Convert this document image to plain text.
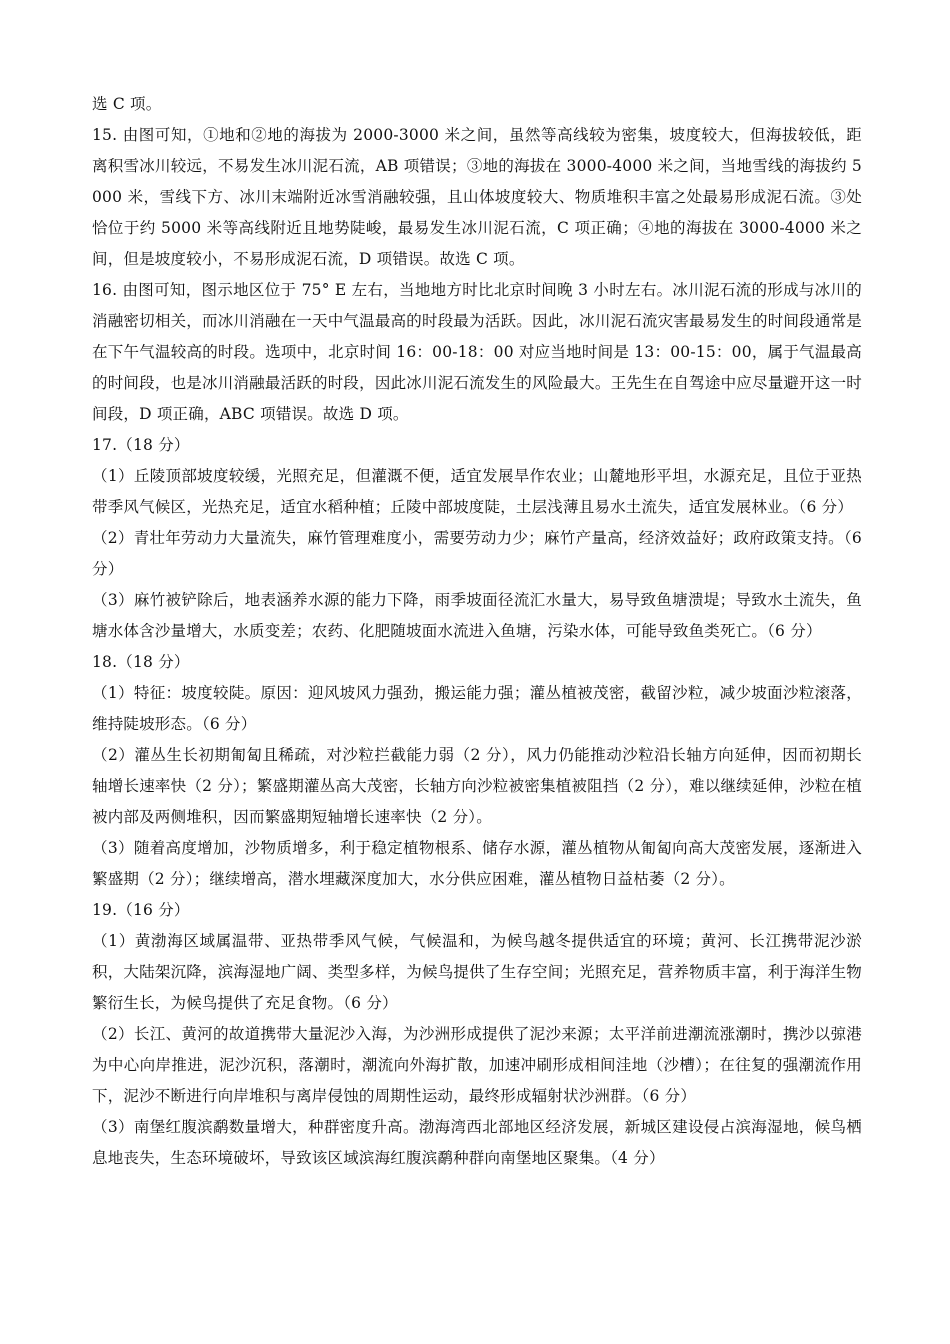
选 C 项。

15. 由图可知，①地和②地的海拔为 2000-3000 米之间，虽然等高线较为密集，坡度较大，但海拔较低，距离积雪冰川较远，不易发生冰川泥石流，AB 项错误；③地的海拔在 3000-4000 米之间，当地雪线的海拔约 5000 米，雪线下方、冰川末端附近冰雪消融较强，且山体坡度较大、物质堆积丰富之处最易形成泥石流。③处恰位于约 5000 米等高线附近且地势陡峻，最易发生冰川泥石流，C 项正确；④地的海拔在 3000-4000 米之间，但是坡度较小，不易形成泥石流，D 项错误。故选 C 项。

16. 由图可知，图示地区位于 75° E 左右，当地地方时比北京时间晚 3 小时左右。冰川泥石流的形成与冰川的消融密切相关，而冰川消融在一天中气温最高的时段最为活跃。因此，冰川泥石流灾害最易发生的时间段通常是在下午气温较高的时段。选项中，北京时间 16：00-18：00 对应当地时间是 13：00-15：00，属于气温最高的时间段，也是冰川消融最活跃的时段，因此冰川泥石流发生的风险最大。王先生在自驾途中应尽量避开这一时间段，D 项正确，ABC 项错误。故选 D 项。

17.（18 分）

（1）丘陵顶部坡度较缓，光照充足，但灌溉不便，适宜发展旱作农业；山麓地形平坦，水源充足，且位于亚热带季风气候区，光热充足，适宜水稻种植；丘陵中部坡度陡，土层浅薄且易水土流失，适宜发展林业。（6 分）

（2）青壮年劳动力大量流失，麻竹管理难度小，需要劳动力少；麻竹产量高，经济效益好；政府政策支持。（6 分）

（3）麻竹被铲除后，地表涵养水源的能力下降，雨季坡面径流汇水量大，易导致鱼塘溃堤；导致水土流失，鱼塘水体含沙量增大，水质变差；农药、化肥随坡面水流进入鱼塘，污染水体，可能导致鱼类死亡。（6 分）

18.（18 分）

（1）特征：坡度较陡。原因：迎风坡风力强劲，搬运能力强；灌丛植被茂密，截留沙粒，减少坡面沙粒滚落，维持陡坡形态。（6 分）

（2）灌丛生长初期匍匐且稀疏，对沙粒拦截能力弱（2 分），风力仍能推动沙粒沿长轴方向延伸，因而初期长轴增长速率快（2 分）；繁盛期灌丛高大茂密，长轴方向沙粒被密集植被阻挡（2 分），难以继续延伸，沙粒在植被内部及两侧堆积，因而繁盛期短轴增长速率快（2 分）。

（3）随着高度增加，沙物质增多，利于稳定植物根系、储存水源，灌丛植物从匍匐向高大茂密发展，逐渐进入繁盛期（2 分）；继续增高，潜水埋藏深度加大，水分供应困难，灌丛植物日益枯萎（2 分）。

19.（16 分）

（1）黄渤海区域属温带、亚热带季风气候，气候温和，为候鸟越冬提供适宜的环境；黄河、长江携带泥沙淤积，大陆架沉降，滨海湿地广阔、类型多样，为候鸟提供了生存空间；光照充足，营养物质丰富，利于海洋生物繁衍生长，为候鸟提供了充足食物。（6 分）

（2）长江、黄河的故道携带大量泥沙入海，为沙洲形成提供了泥沙来源；太平洋前进潮流涨潮时，携沙以弶港为中心向岸推进，泥沙沉积，落潮时，潮流向外海扩散，加速冲刷形成相间洼地（沙槽）；在往复的强潮流作用下，泥沙不断进行向岸堆积与离岸侵蚀的周期性运动，最终形成辐射状沙洲群。（6 分）

（3）南堡红腹滨鹬数量增大，种群密度升高。渤海湾西北部地区经济发展，新城区建设侵占滨海湿地，候鸟栖息地丧失，生态环境破坏，导致该区域滨海红腹滨鹬种群向南堡地区聚集。（4 分）
